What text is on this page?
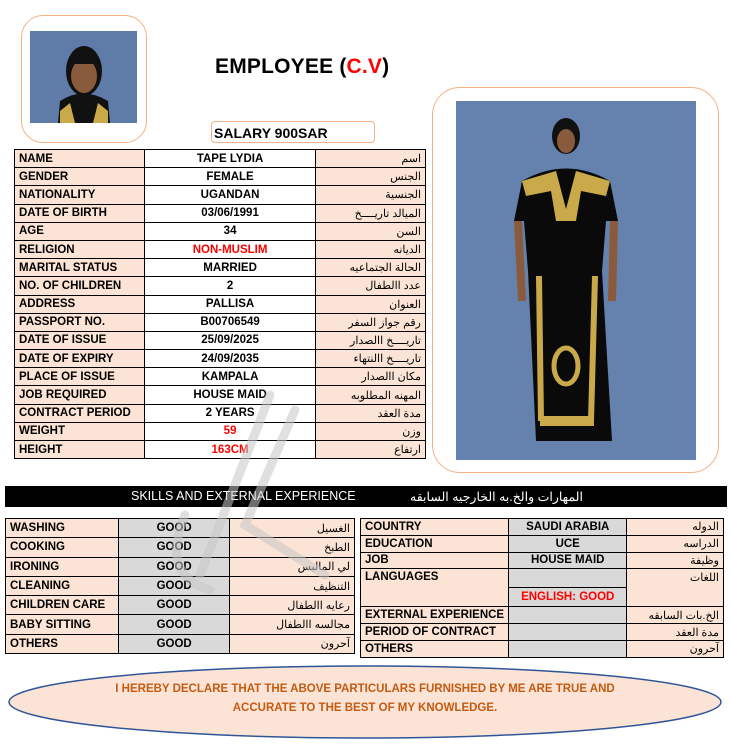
EMPLOYEE (C.V)
SALARY 900SAR
NAME	TAPE LYDIA	اسم
GENDER	FEMALE	الجنس
NATIONALITY	UGANDAN	الجنسية
DATE OF BIRTH	03/06/1991	الميالد تاريــــخ
AGE	34	السن
RELIGION	NON-MUSLIM	الديانه
MARITAL STATUS	MARRIED	الحالة الجتماعيه
NO. OF CHILDREN	2	عدد االطفال
ADDRESS	PALLISA	العنوان
PASSPORT NO.	B00706549	رقم جواز السفر
DATE OF ISSUE	25/09/2025	تاريــــخ االصدار
DATE OF EXPIRY	24/09/2035	تاريــــخ االنتهاء
PLACE OF ISSUE	KAMPALA	مكان االصدار
JOB REQUIRED	HOUSE MAID	المهنه المطلوبه
CONTRACT PERIOD	2 YEARS	مدة العقد
WEIGHT	59	وزن
HEIGHT	163CM	ارتفاع
SKILLS AND EXTERNAL EXPERIENCE	المهارات والخ.به الخارجيه السابقه
WASHING	GOOD	الغسيل
COOKING	GOOD	الطبخ
IRONING	GOOD	لي المالبس
CLEANING	GOOD	التنظيف
CHILDREN CARE	GOOD	رعايه االطفال
BABY SITTING	GOOD	مجالسه االطفال
OTHERS	GOOD	آحرون
COUNTRY	SAUDI ARABIA	الدوله
EDUCATION	UCE	الدراسه
JOB	HOUSE MAID	وظيفة
LANGUAGES		اللغات
	ENGLISH: GOOD	
EXTERNAL EXPERIENCE		الخ.بات السابقه
PERIOD OF CONTRACT		مدة العقد
OTHERS		آحرون
I HEREBY DECLARE THAT THE ABOVE PARTICULARS FURNISHED BY ME ARE TRUE AND
ACCURATE TO THE BEST OF MY KNOWLEDGE.
